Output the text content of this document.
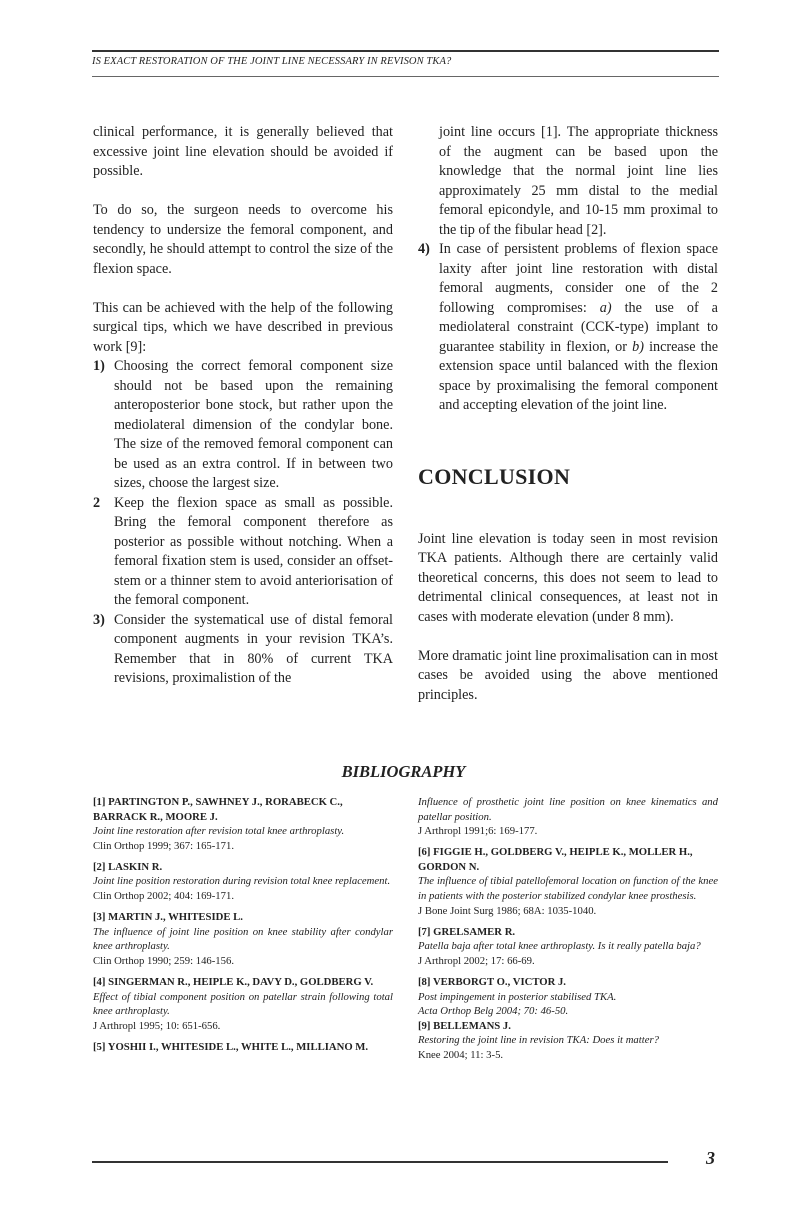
IS EXACT RESTORATION OF THE JOINT LINE NECESSARY IN REVISON TKA?

clinical performance, it is generally believed that excessive joint line elevation should be avoided if possible.

To do so, the surgeon needs to overcome his tendency to undersize the femoral component, and secondly, he should attempt to control the size of the flexion space.

This can be achieved with the help of the following surgical tips, which we have described in previous work [9]:

1) Choosing the correct femoral component size should not be based upon the remaining anteroposterior bone stock, but rather upon the mediolateral dimension of the condylar bone. The size of the removed femoral component can be used as an extra control. If in between two sizes, choose the largest size.
2 Keep the flexion space as small as possible. Bring the femoral component therefore as posterior as possible without notching. When a femoral fixation stem is used, consider an offset-stem or a thinner stem to avoid anteriorisation of the femoral component.
3) Consider the systematical use of distal femoral component augments in your revision TKA’s. Remember that in 80% of current TKA revisions, proximalistion of the

joint line occurs [1]. The appropriate thickness of the augment can be based upon the knowledge that the normal joint line lies approximately 25 mm distal to the medial femoral epicondyle, and 10-15 mm proximal to the tip of the fibular head [2].

4) In case of persistent problems of flexion space laxity after joint line restoration with distal femoral augments, consider one of the 2 following compromises: a) the use of a mediolateral constraint (CCK-type) implant to guarantee stability in flexion, or b) increase the extension space until balanced with the flexion space by proximalising the femoral component and accepting elevation of the joint line.
CONCLUSION

Joint line elevation is today seen in most revision TKA patients. Although there are certainly valid theoretical concerns, this does not seem to lead to detrimental clinical consequences, at least not in cases with moderate elevation (under 8 mm).

More dramatic joint line proximalisation can in most cases be avoided using the above mentioned principles.

BIBLIOGRAPHY
[1] PARTINGTON P., SAWHNEY J., RORABECK C., BARRACK R., MOORE J.
Joint line restoration after revision total knee arthroplasty.
Clin Orthop 1999; 367: 165-171.
[2] LASKIN R.
Joint line position restoration during revision total knee replacement.
Clin Orthop 2002; 404: 169-171.
[3] MARTIN J., WHITESIDE L.
The influence of joint line position on knee stability after condylar knee arthroplasty.
Clin Orthop 1990; 259: 146-156.
[4] SINGERMAN R., HEIPLE K., DAVY D., GOLDBERG V.
Effect of tibial component position on patellar strain following total knee arthroplasty.
J Arthropl 1995; 10: 651-656.
[5] YOSHII I., WHITESIDE L., WHITE L., MILLIANO M.
Influence of prosthetic joint line position on knee kinematics and patellar position.
J Arthropl 1991;6: 169-177.
[6] FIGGIE H., GOLDBERG V., HEIPLE K., MOLLER H., GORDON N.
The influence of tibial patellofemoral location on function of the knee in patients with the posterior stabilized condylar knee prosthesis.
J Bone Joint Surg 1986; 68A: 1035-1040.
[7] GRELSAMER R.
Patella baja after total knee arthroplasty. Is it really patella baja?
J Arthropl 2002; 17: 66-69.
[8] VERBORGT O., VICTOR J.
Post impingement in posterior stabilised TKA.
Acta Orthop Belg 2004; 70: 46-50.
[9] BELLEMANS J.
Restoring the joint line in revision TKA: Does it matter?
Knee 2004; 11: 3-5.
3
